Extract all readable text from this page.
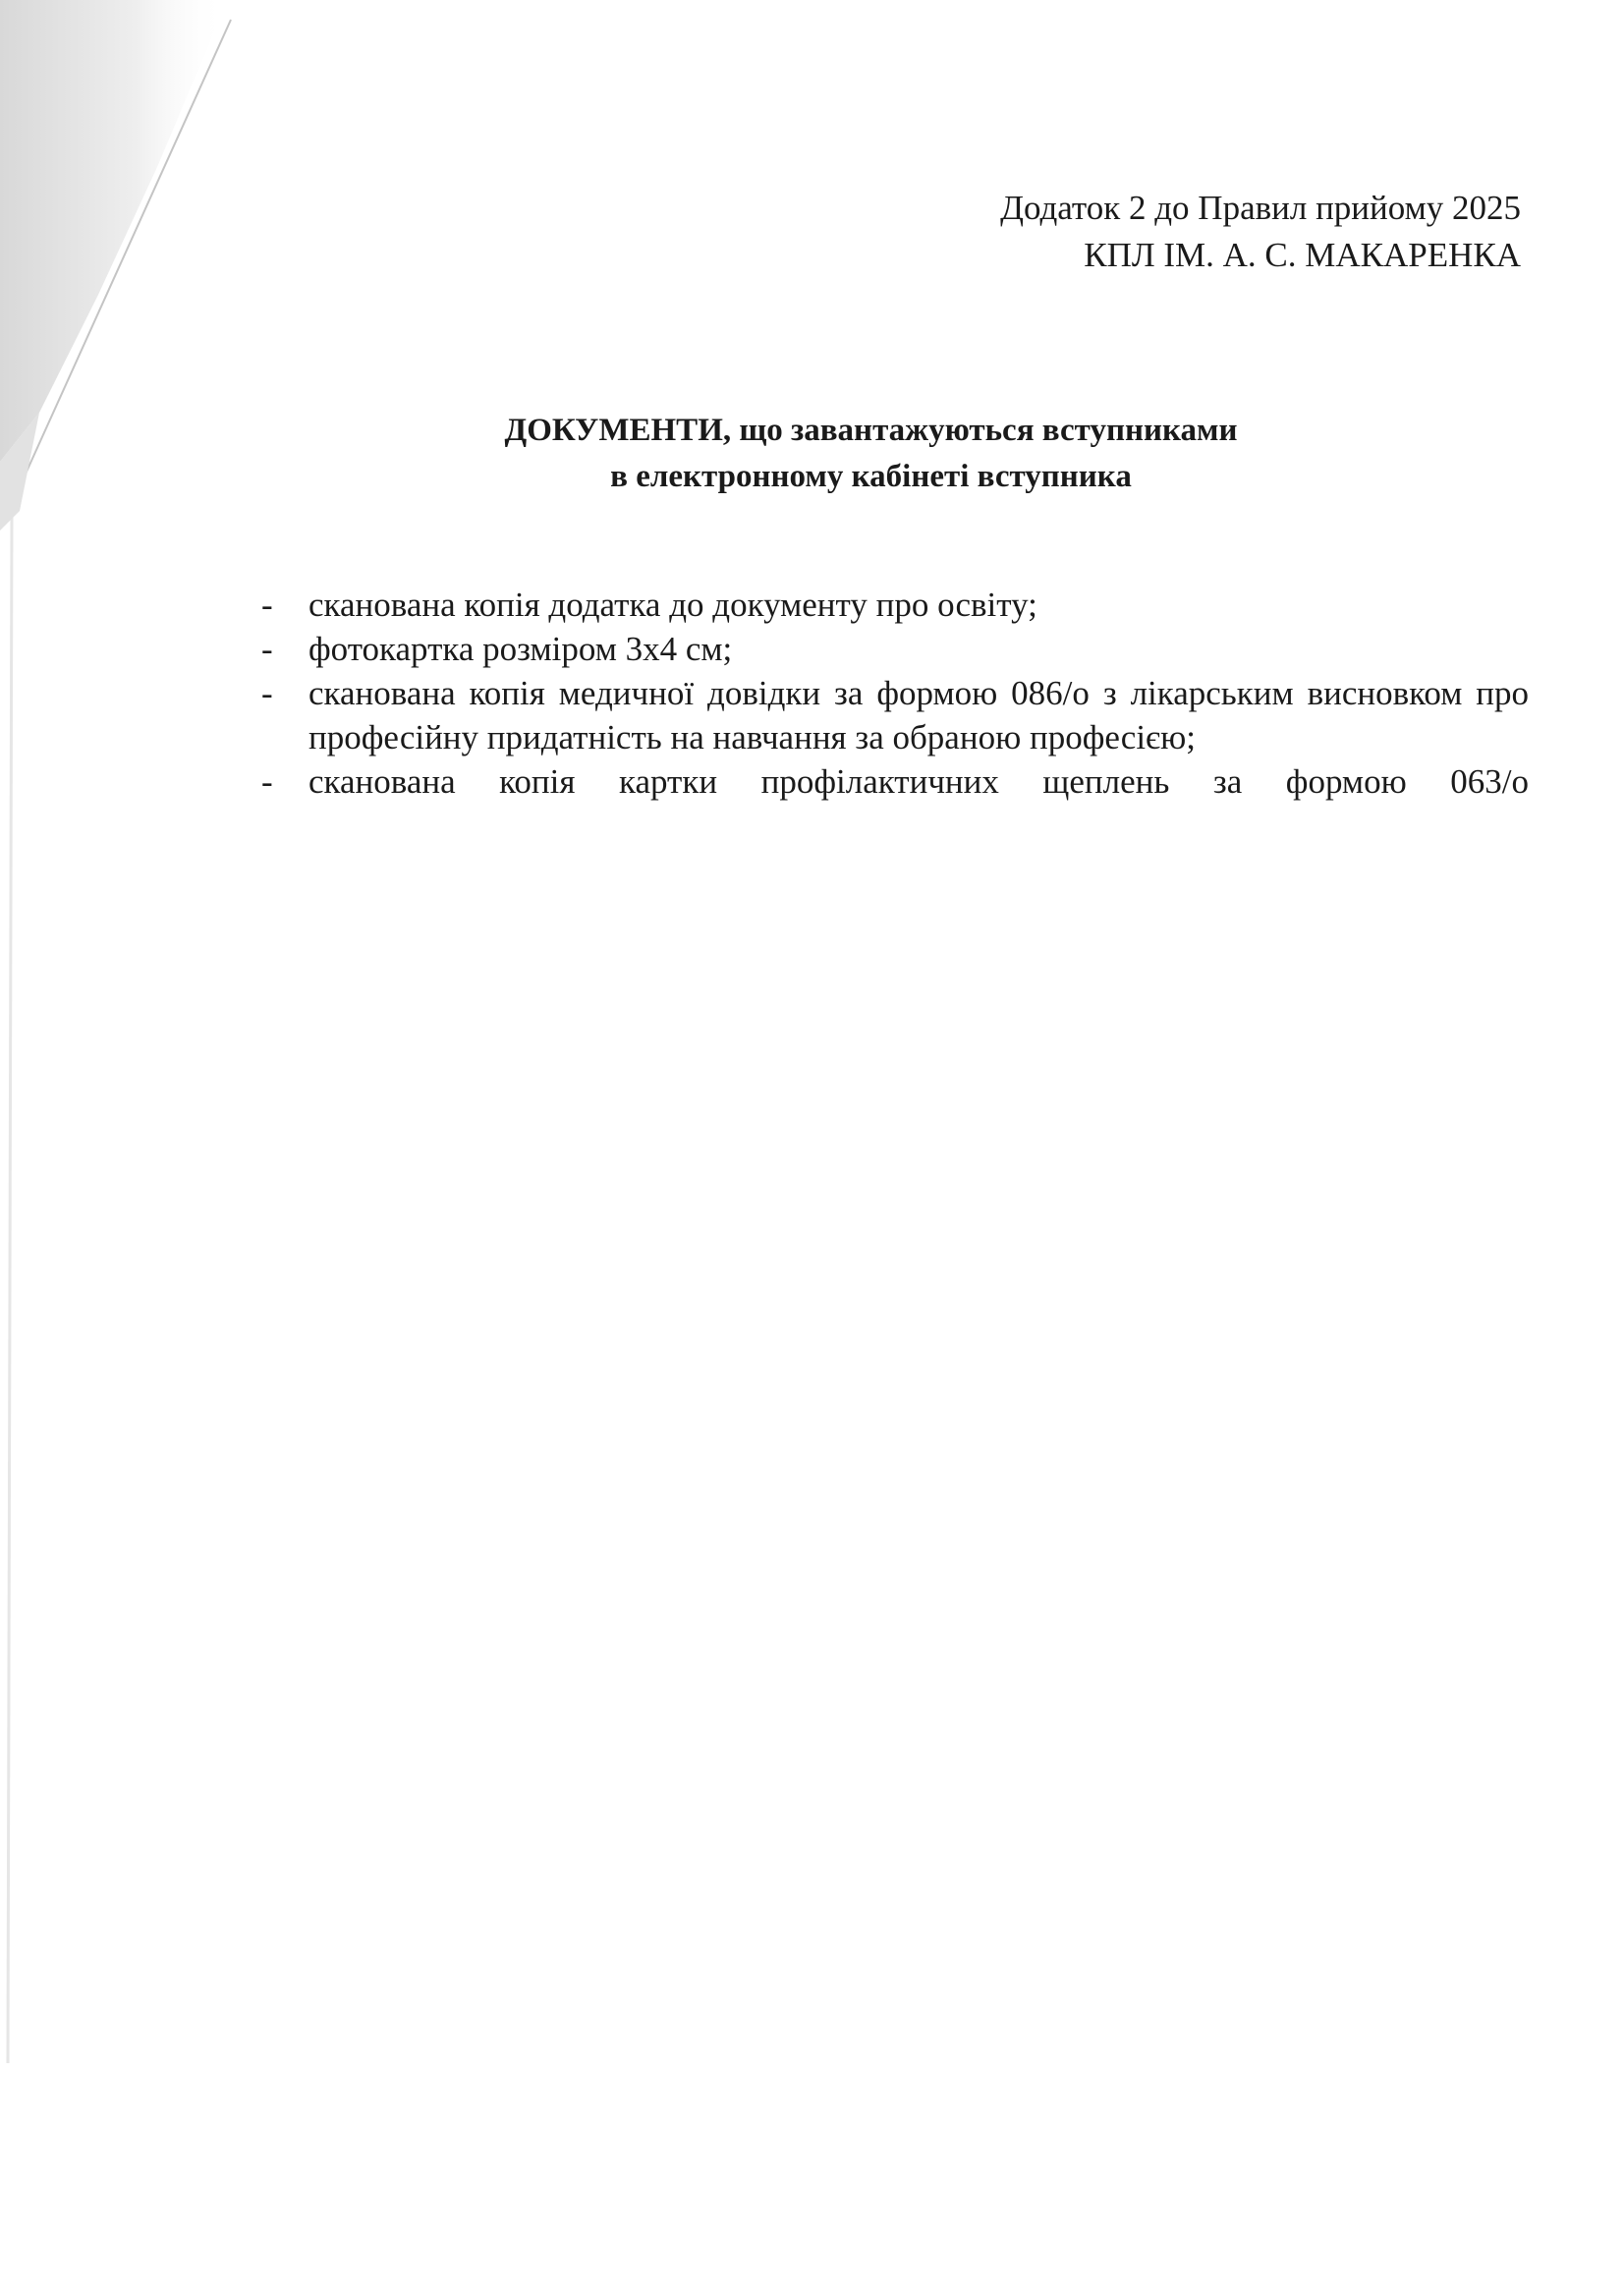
Додаток 2 до Правил прийому 2025
КПЛ ІМ. А. С. МАКАРЕНКА
ДОКУМЕНТИ, що завантажуються вступниками
в електронному кабінеті вступника
- сканована копія додатка до документу про освіту;
- фотокартка розміром 3х4 см;
- сканована копія медичної довідки за формою 086/о з лікарським висновком про професійну придатність на навчання за обраною професією;
- сканована копія картки профілактичних щеплень за формою 063/о
